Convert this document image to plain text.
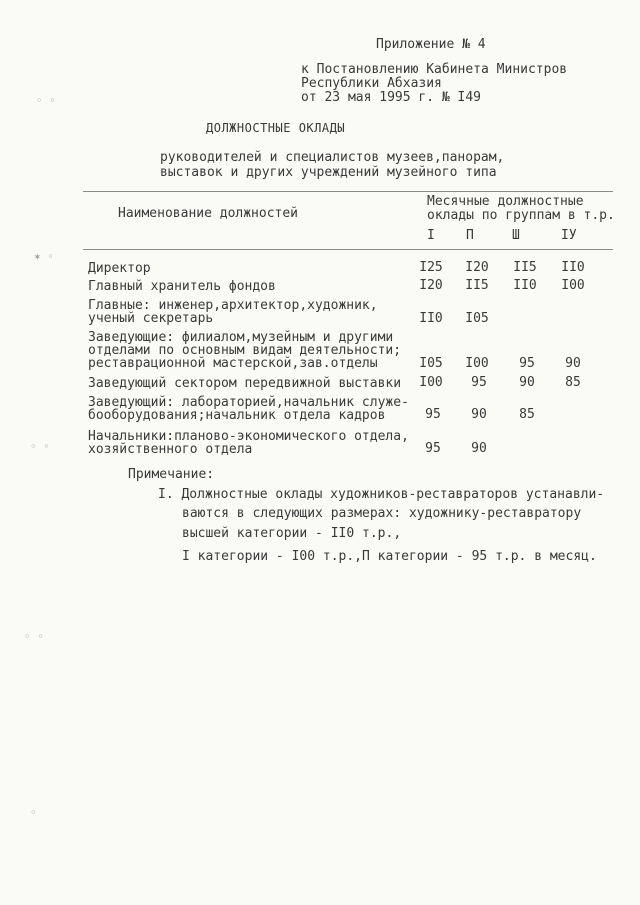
Приложение № 4
к Постановлению Кабинета Министров
Республики Абхазия
от 23 мая 1995 г. № I49
ДОЛЖНОСТНЫЕ ОКЛАДЫ
руководителей и специалистов музеев,панорам,
выставок и других учреждений музейного типа
Наименование должностей
Месячные должностные
оклады по группам в т.р.
I П	Ш	IУ
Директор	I25	I20	II5	II0
Главный хранитель фондов	I20	II5	II0	I00
Главные: инженер,архитектор,художник,
ученый секретарь	II0	I05
Заведующие: филиалом,музейным и другими
отделами по основным видам деятельности;
реставрационной мастерской,зав.отделы	I05	I00	95	90
Заведующий сектором передвижной выставки	I00	95	90	85
Заведующий: лабораторией,начальник служе-
бооборудования;начальник отдела кадров	95	90	85
Начальники:планово-экономического отдела,
хозяйственного отдела	95	90
Примечание:
I. Должностные оклады художников-реставраторов устанавли-
ваются в следующих размерах: художнику-реставратору
высшей категории - II0 т.р.,
I категории - I00 т.р.,П категории - 95 т.р. в месяц.
◦ ◦
✶ ◦
◦ ◦
◦ ◦
◦
